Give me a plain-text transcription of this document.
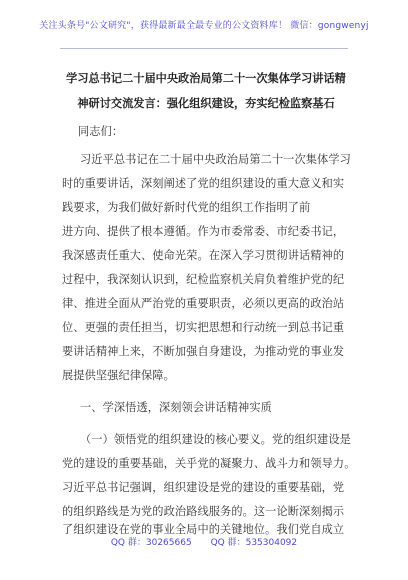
关注头条号"公文研究"，获得最新最全最专业的公文资料库！ 微信：gongwenyj
学习总书记二十届中央政治局第二十一次集体学习讲话精
神研讨交流发言：强化组织建设，夯实纪检监察基石
同志们：
习近平总书记在二十届中央政治局第二十一次集体学习
时的重要讲话，深刻阐述了党的组织建设的重大意义和实
践要求，为我们做好新时代党的组织工作指明了前
进方向、提供了根本遵循。作为市委常委、市纪委书记，
我深感责任重大、使命光荣。在深入学习贯彻讲话精神的
过程中，我深刻认识到，纪检监察机关肩负着维护党的纪
律、推进全面从严治党的重要职责，必须以更高的政治站
位、更强的责任担当，切实把思想和行动统一到总书记重
要讲话精神上来，不断加强自身建设，为推动党的事业发
展提供坚强纪律保障。
一、学深悟透，深刻领会讲话精神实质
（一）领悟党的组织建设的核心要义。党的组织建设是
党的建设的重要基础，关乎党的凝聚力、战斗力和领导力。
习近平总书记强调，组织建设是党的建设的重要基础，党
的组织路线是为党的政治路线服务的。这一论断深刻揭示
了组织建设在党的事业全局中的关键地位。我们党自成立
QQ 群：30265665 QQ 群：535304092
